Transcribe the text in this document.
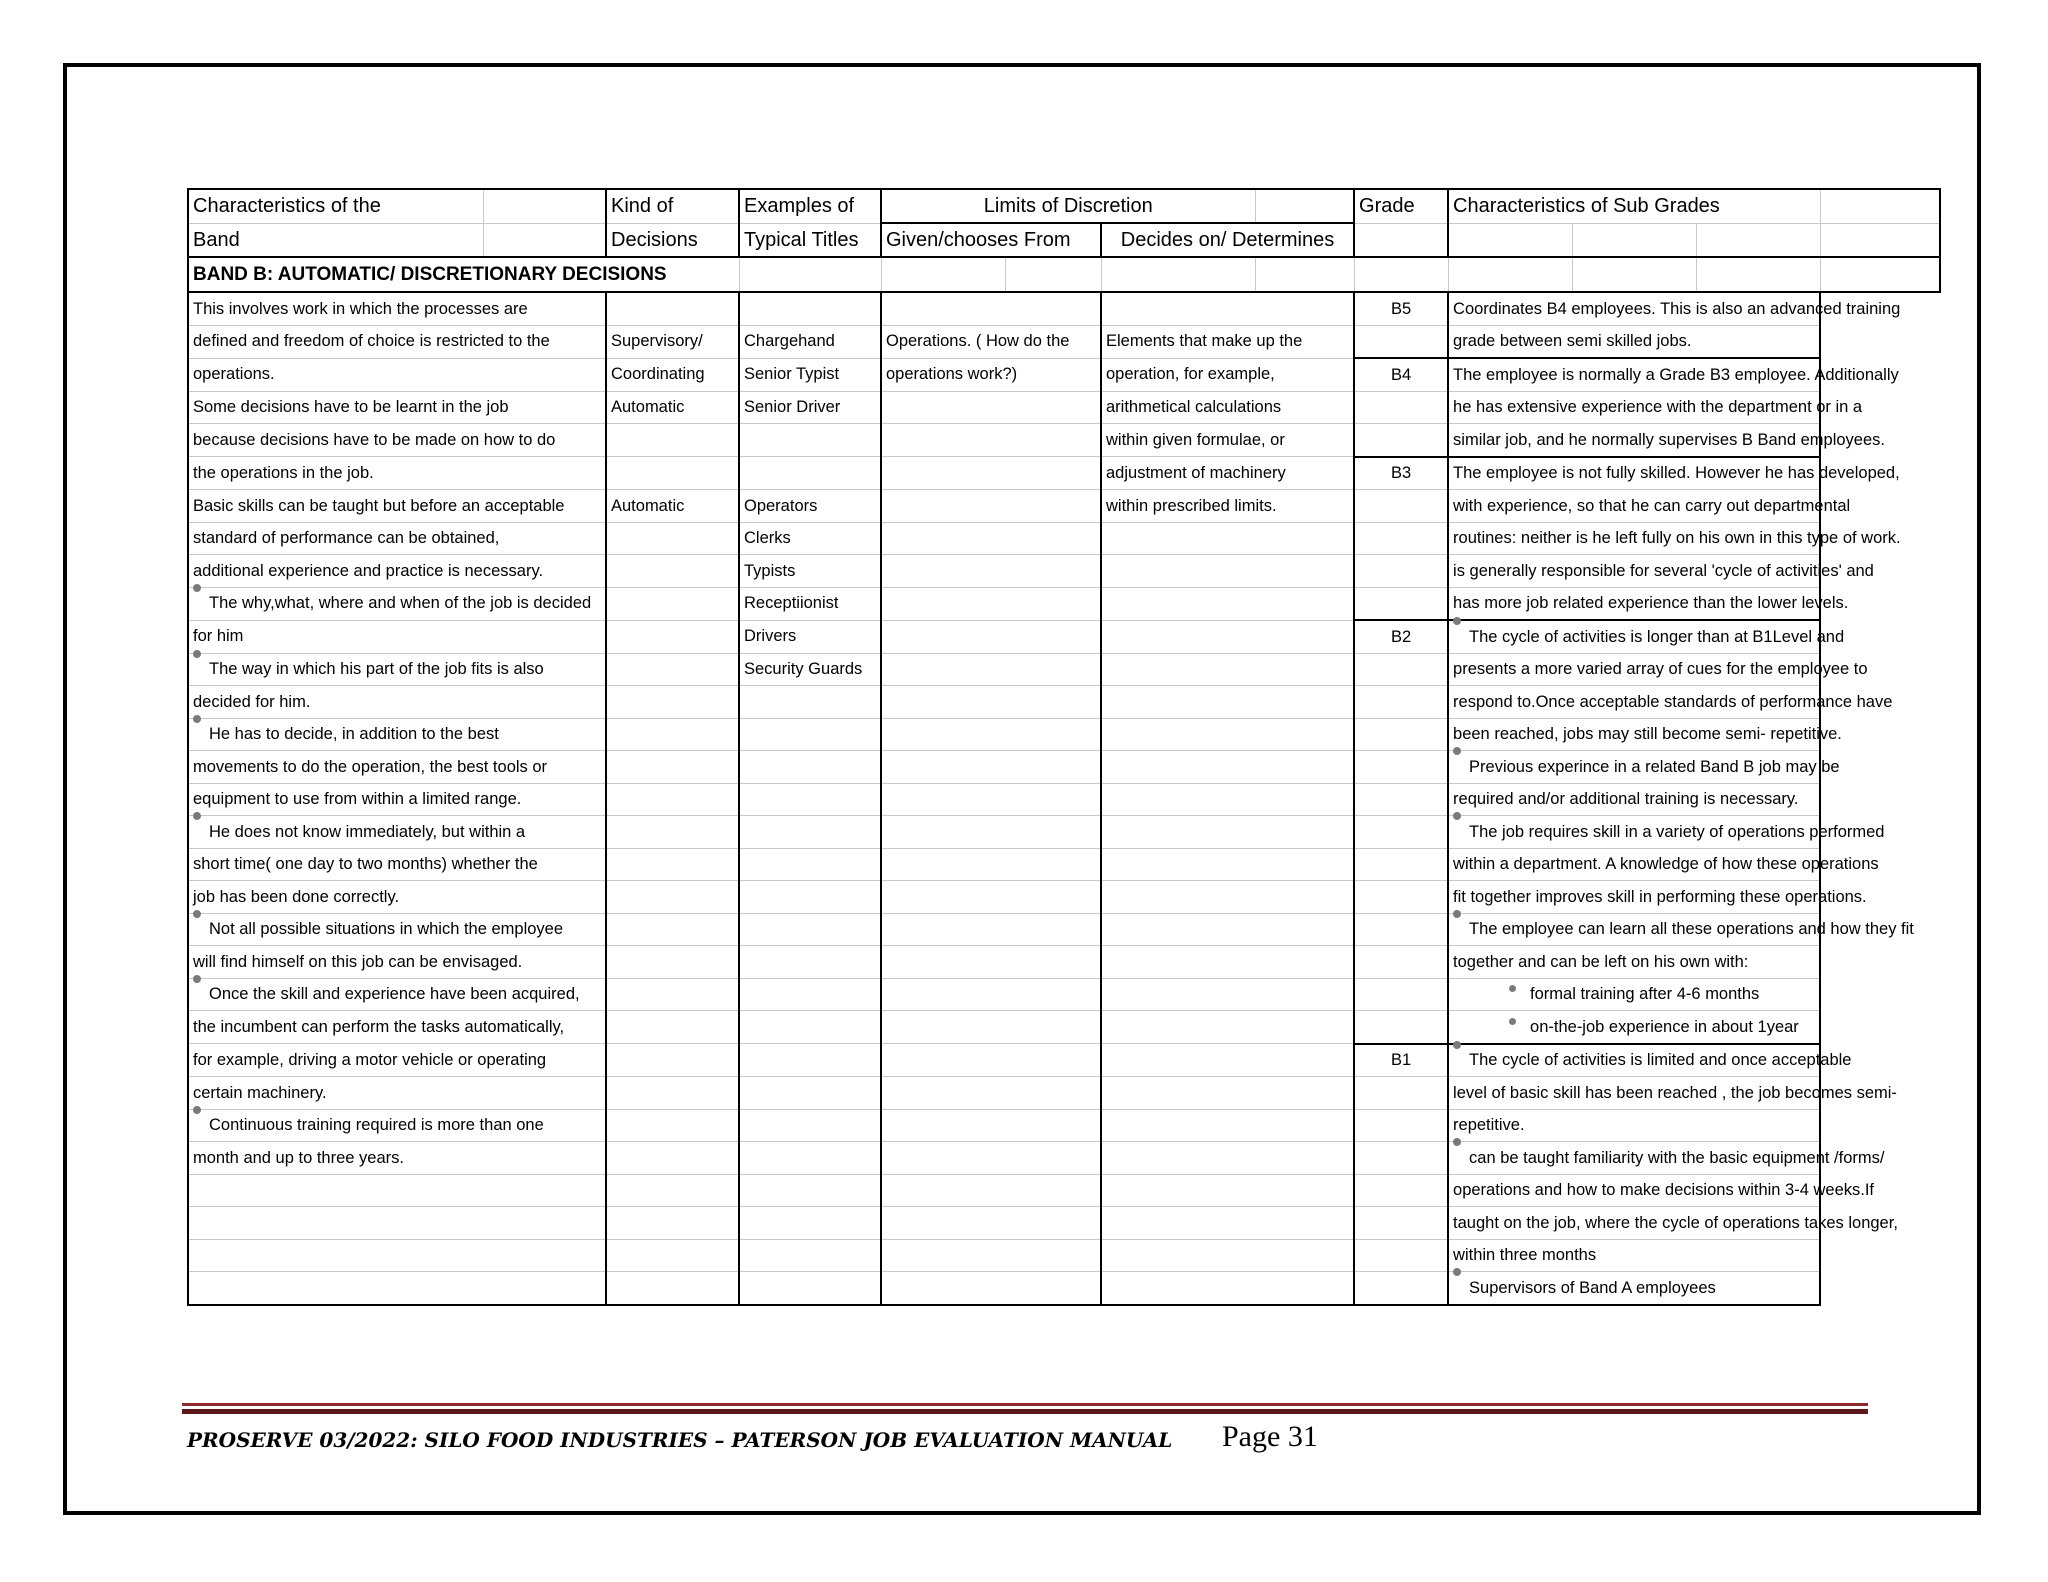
Characteristics of the		Kind of	Examples of	Limits of Discretion				Grade	Characteristics of Sub Grades			
Band		Decisions	Typical Titles	Given/chooses From		Decides on/ Determines						
BAND B: AUTOMATIC/ DISCRETIONARY DECISIONS												
This involves work in which the processes are								B5	Coordinates B4 employees. This is also an advanced training			
defined and freedom of choice is restricted to the		Supervisory/	Chargehand	Operations. ( How do the		Elements that make up the			grade between semi skilled jobs.			
operations.		Coordinating	Senior Typist	operations work?)		operation, for example,		B4	The employee is normally a Grade B3 employee. Additionally			
Some decisions have to be learnt in the job		Automatic	Senior Driver			arithmetical calculations			he has extensive experience with the department or in a			
because decisions have to be made on how to do						within given formulae, or			similar job, and he normally supervises B Band employees.			
the operations in the job.						adjustment of machinery		B3	The employee is not fully skilled. However he has developed,			
Basic skills can be taught but before an acceptable		Automatic	Operators			within prescribed limits.			with experience, so that he can carry out departmental			
standard of performance can be obtained,			Clerks						routines: neither is he left fully on his own in this type of work.			
additional experience and practice is necessary.			Typists						is generally responsible for several 'cycle of activities' and			
The why,what, where and when of the job is decided			Receptiionist						has more job related experience than the lower levels.			
for him			Drivers					B2	The cycle of activities is longer than at B1Level and			
The way in which his part of the job fits is also			Security Guards						presents a more varied array of cues for the employee to			
decided for him.									respond to.Once acceptable standards of performance have			
He has to decide, in addition to the best									been reached, jobs may still become semi- repetitive.			
movements to do the operation, the best tools or									Previous experince in a related Band B job may be			
equipment to use from within a limited range.									required and/or additional training is necessary.			
He does not know immediately, but within a									The job requires skill in a variety of operations performed			
short time( one day to two months) whether the									within a department. A knowledge of how these operations			
job has been done correctly.									fit together improves skill in performing these operations.			
Not all possible situations in which the employee									The employee can learn all these operations and how they fit			
will find himself on this job can be envisaged.									together and can be left on his own with:			
Once the skill and experience have been acquired,									formal training after 4-6 months			
the incumbent can perform the tasks automatically,									on-the-job experience in about 1year			
for example, driving a motor vehicle or operating								B1	The cycle of activities is limited and once acceptable			
certain machinery.									level of basic skill has been reached , the job becomes semi-			
Continuous training required is more than one									repetitive.			
month and up to three years.									can be taught familiarity with the basic equipment /forms/			
									operations and how to make decisions within 3-4 weeks.If			
									taught on the job, where the cycle of operations takes longer,			
									within three months			
									Supervisors of Band A employees			
PROSERVE 03/2022: SILO FOOD INDUSTRIES – PATERSON JOB EVALUATION MANUAL Page 31
